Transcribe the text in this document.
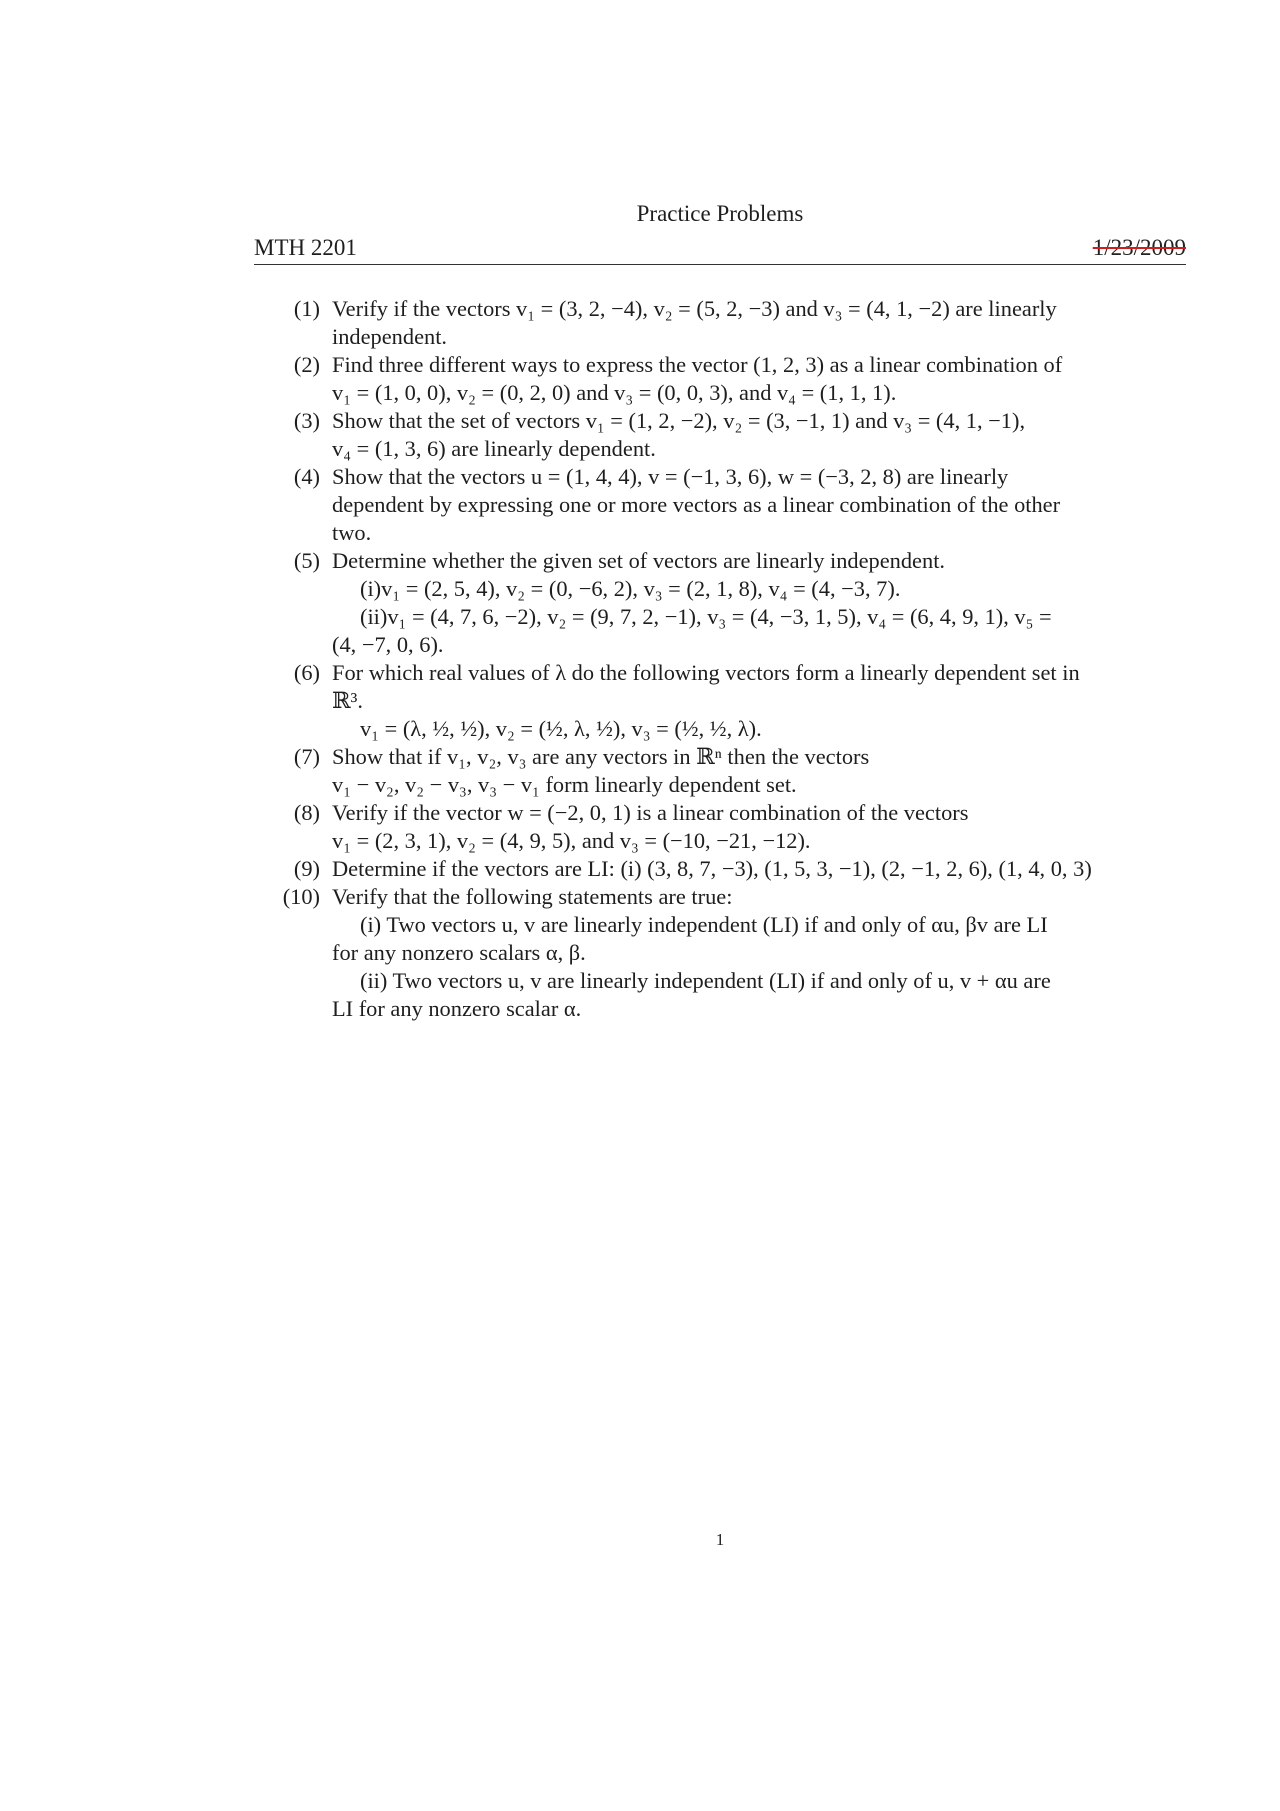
Practice Problems
MTH 2201	1/23/2009
(1) Verify if the vectors v₁ = (3, 2, −4), v₂ = (5, 2, −3) and v₃ = (4, 1, −2) are linearly
independent.
(2) Find three different ways to express the vector (1, 2, 3) as a linear combination of
v₁ = (1, 0, 0), v₂ = (0, 2, 0) and v₃ = (0, 0, 3), and v₄ = (1, 1, 1).
(3) Show that the set of vectors v₁ = (1, 2, −2), v₂ = (3, −1, 1) and v₃ = (4, 1, −1),
v₄ = (1, 3, 6) are linearly dependent.
(4) Show that the vectors u = (1, 4, 4), v = (−1, 3, 6), w = (−3, 2, 8) are linearly
dependent by expressing one or more vectors as a linear combination of the other
two.
(5) Determine whether the given set of vectors are linearly independent.
(i)v₁ = (2, 5, 4), v₂ = (0, −6, 2), v₃ = (2, 1, 8), v₄ = (4, −3, 7).
(ii)v₁ = (4, 7, 6, −2), v₂ = (9, 7, 2, −1), v₃ = (4, −3, 1, 5), v₄ = (6, 4, 9, 1), v₅ =
(4, −7, 0, 6).
(6) For which real values of λ do the following vectors form a linearly dependent set in
ℝ³.
v₁ = (λ, ½, ½), v₂ = (½, λ, ½), v₃ = (½, ½, λ).
(7) Show that if v₁, v₂, v₃ are any vectors in ℝⁿ then the vectors
v₁ − v₂, v₂ − v₃, v₃ − v₁ form linearly dependent set.
(8) Verify if the vector w = (−2, 0, 1) is a linear combination of the vectors
v₁ = (2, 3, 1), v₂ = (4, 9, 5), and v₃ = (−10, −21, −12).
(9) Determine if the vectors are LI: (i) (3, 8, 7, −3), (1, 5, 3, −1), (2, −1, 2, 6), (1, 4, 0, 3)
(10) Verify that the following statements are true:
(i) Two vectors u, v are linearly independent (LI) if and only of αu, βv are LI
for any nonzero scalars α, β.
(ii) Two vectors u, v are linearly independent (LI) if and only of u, v + αu are
LI for any nonzero scalar α.
1
